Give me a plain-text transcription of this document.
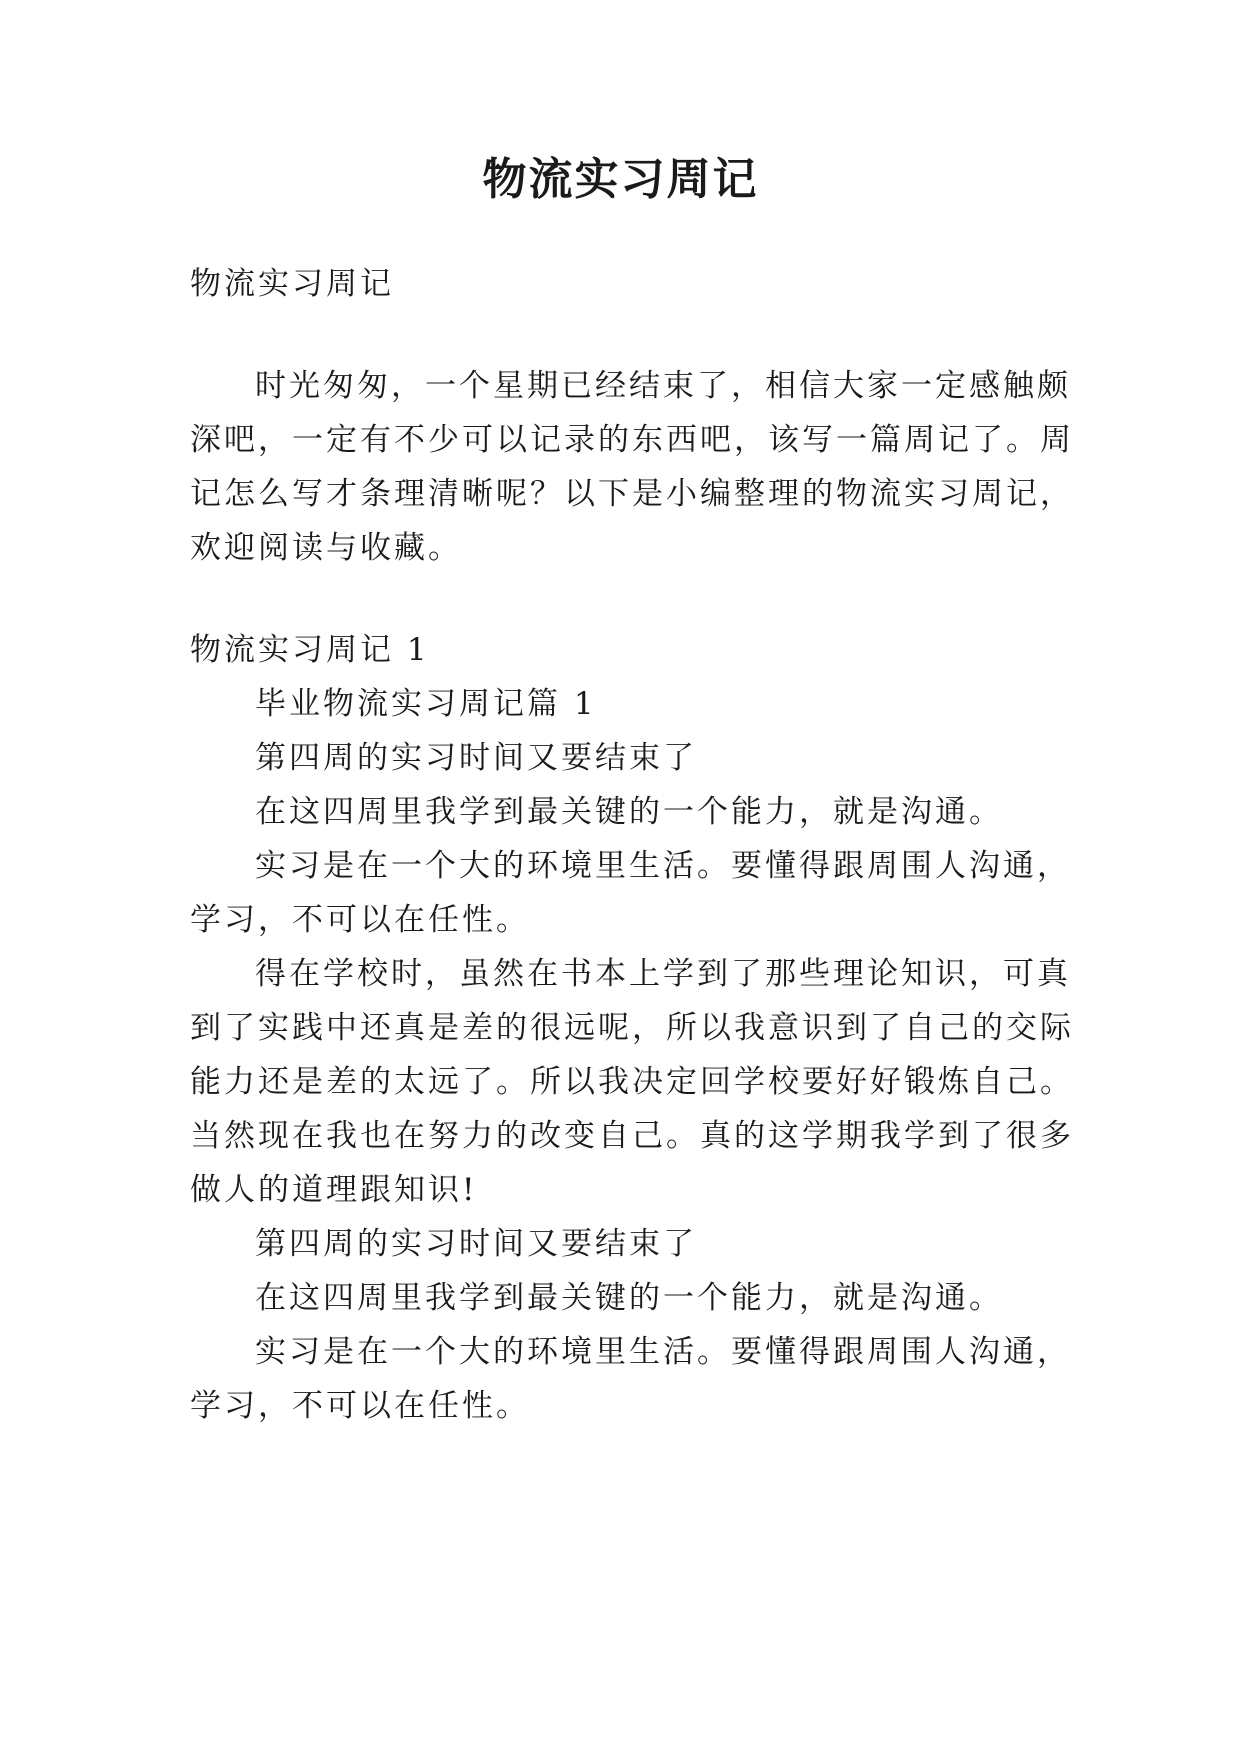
物流实习周记
物流实习周记
时光匆匆，一个星期已经结束了，相信大家一定感触颇
深吧，一定有不少可以记录的东西吧，该写一篇周记了。周
记怎么写才条理清晰呢？以下是小编整理的物流实习周记，
欢迎阅读与收藏。
物流实习周记 1
毕业物流实习周记篇 1
第四周的实习时间又要结束了
在这四周里我学到最关键的一个能力，就是沟通。
实习是在一个大的环境里生活。要懂得跟周围人沟通，
学习，不可以在任性。
得在学校时，虽然在书本上学到了那些理论知识，可真
到了实践中还真是差的很远呢，所以我意识到了自己的交际
能力还是差的太远了。所以我决定回学校要好好锻炼自己。
当然现在我也在努力的改变自己。真的这学期我学到了很多
做人的道理跟知识!
第四周的实习时间又要结束了
在这四周里我学到最关键的一个能力，就是沟通。
实习是在一个大的环境里生活。要懂得跟周围人沟通，
学习，不可以在任性。
